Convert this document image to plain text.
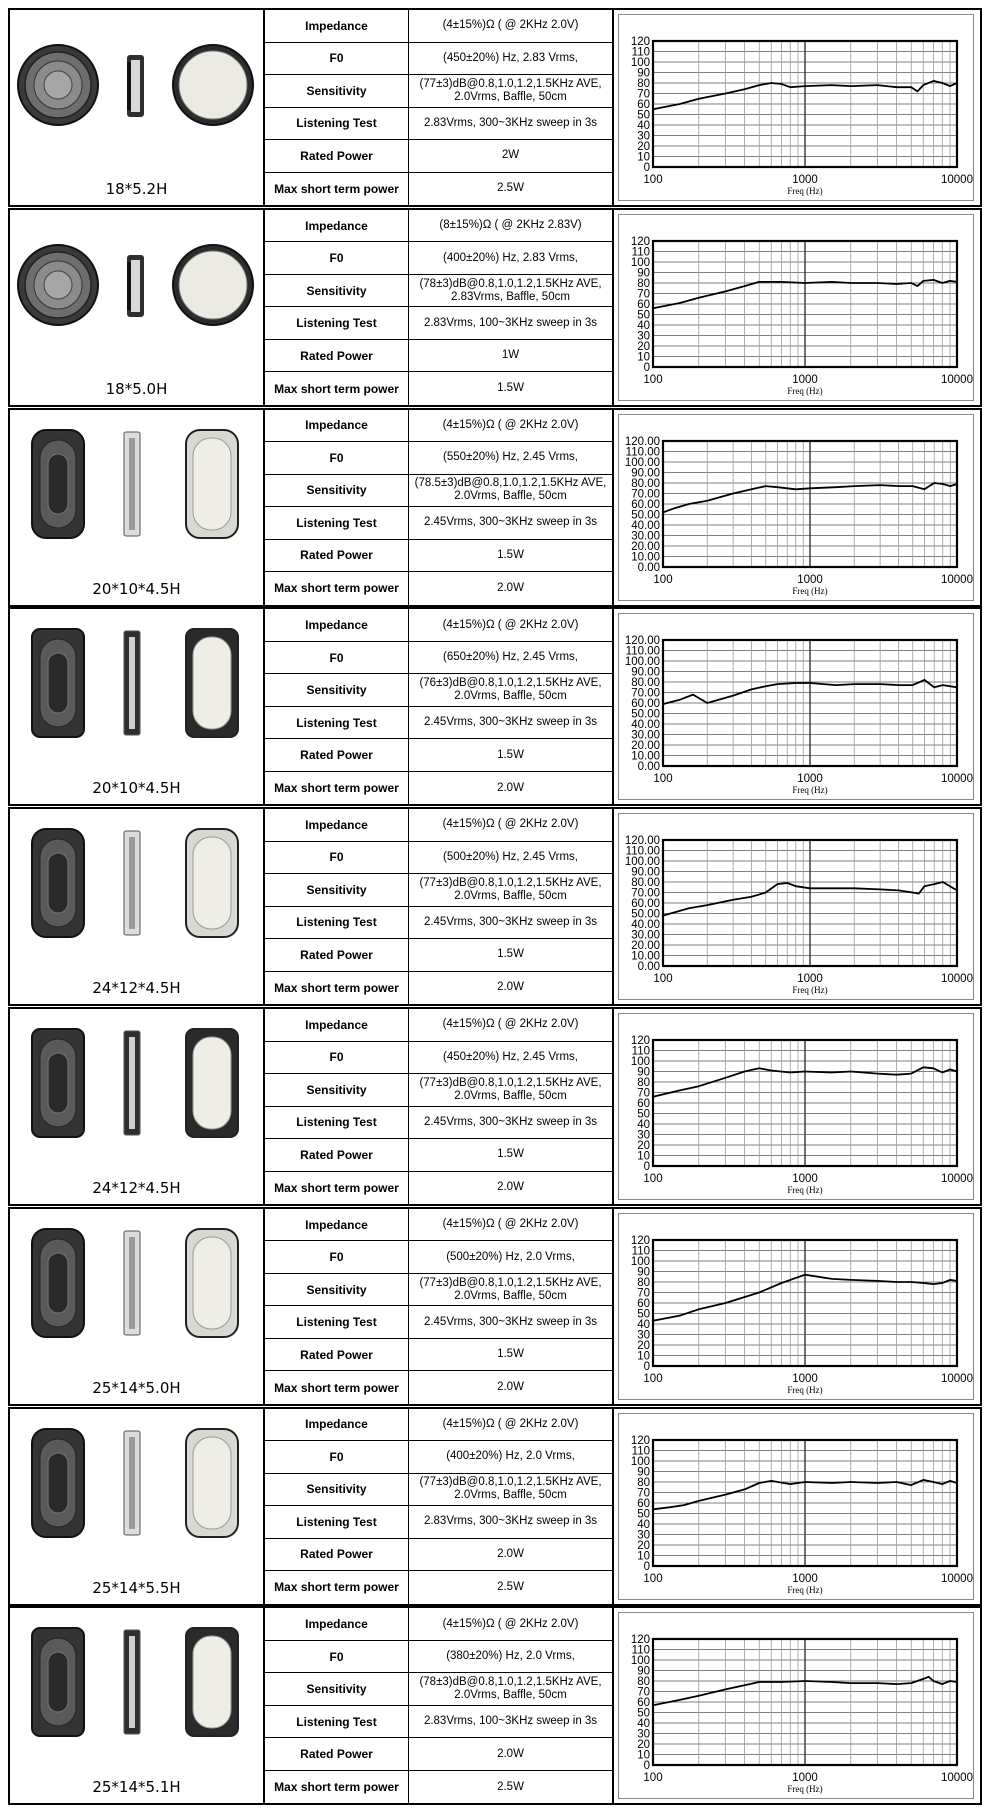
18*5.2H
Impedance	(4±15%)Ω ( @ 2KHz 2.0V)
F0	(450±20%) Hz, 2.83 Vrms,
Sensitivity	(77±3)dB@0.8,1.0,1.2,1.5KHz AVE, 2.0Vrms, Baffle, 50cm
Listening Test	2.83Vrms, 300~3KHz sweep in 3s
Rated Power	2W
Max short term power	2.5W
120
110
100
90
80
70
60
50
40
30
20
10
0
100	1000	10000
Freq (Hz)
18*5.0H
Impedance	(8±15%)Ω ( @ 2KHz 2.83V)
F0	(400±20%) Hz, 2.83 Vrms,
Sensitivity	(78±3)dB@0.8,1.0,1.2,1.5KHz AVE, 2.83Vrms, Baffle, 50cm
Listening Test	2.83Vrms, 100~3KHz sweep in 3s
Rated Power	1W
Max short term power	1.5W
120
110
100
90
80
70
60
50
40
30
20
10
0
100	1000	10000
Freq (Hz)
20*10*4.5H
Impedance	(4±15%)Ω ( @ 2KHz 2.0V)
F0	(550±20%) Hz, 2.45 Vrms,
Sensitivity	(78.5±3)dB@0.8,1.0,1.2,1.5KHz AVE, 2.0Vrms, Baffle, 50cm
Listening Test	2.45Vrms, 300~3KHz sweep in 3s
Rated Power	1.5W
Max short term power	2.0W
120.00
110.00
100.00
90.00
80.00
70.00
60.00
50.00
40.00
30.00
20.00
10.00
0.00
100	1000	10000
Freq (Hz)
20*10*4.5H
Impedance	(4±15%)Ω ( @ 2KHz 2.0V)
F0	(650±20%) Hz, 2.45 Vrms,
Sensitivity	(76±3)dB@0.8,1.0,1.2,1.5KHz AVE, 2.0Vrms, Baffle, 50cm
Listening Test	2.45Vrms, 300~3KHz sweep in 3s
Rated Power	1.5W
Max short term power	2.0W
120.00
110.00
100.00
90.00
80.00
70.00
60.00
50.00
40.00
30.00
20.00
10.00
0.00
100	1000	10000
Freq (Hz)
24*12*4.5H
Impedance	(4±15%)Ω ( @ 2KHz 2.0V)
F0	(500±20%) Hz, 2.45 Vrms,
Sensitivity	(77±3)dB@0.8,1.0,1.2,1.5KHz AVE, 2.0Vrms, Baffle, 50cm
Listening Test	2.45Vrms, 300~3KHz sweep in 3s
Rated Power	1.5W
Max short term power	2.0W
120.00
110.00
100.00
90.00
80.00
70.00
60.00
50.00
40.00
30.00
20.00
10.00
0.00
100	1000	10000
Freq (Hz)
24*12*4.5H
Impedance	(4±15%)Ω ( @ 2KHz 2.0V)
F0	(450±20%) Hz, 2.45 Vrms,
Sensitivity	(77±3)dB@0.8,1.0,1.2,1.5KHz AVE, 2.0Vrms, Baffle, 50cm
Listening Test	2.45Vrms, 300~3KHz sweep in 3s
Rated Power	1.5W
Max short term power	2.0W
120
110
100
90
80
70
60
50
40
30
20
10
0
100	1000	10000
Freq (Hz)
25*14*5.0H
Impedance	(4±15%)Ω ( @ 2KHz 2.0V)
F0	(500±20%) Hz, 2.0 Vrms,
Sensitivity	(77±3)dB@0.8,1.0,1.2,1.5KHz AVE, 2.0Vrms, Baffle, 50cm
Listening Test	2.45Vrms, 300~3KHz sweep in 3s
Rated Power	1.5W
Max short term power	2.0W
120
110
100
90
80
70
60
50
40
30
20
10
0
100	1000	10000
Freq (Hz)
25*14*5.5H
Impedance	(4±15%)Ω ( @ 2KHz 2.0V)
F0	(400±20%) Hz, 2.0 Vrms,
Sensitivity	(77±3)dB@0.8,1.0,1.2,1.5KHz AVE, 2.0Vrms, Baffle, 50cm
Listening Test	2.83Vrms, 300~3KHz sweep in 3s
Rated Power	2.0W
Max short term power	2.5W
120
110
100
90
80
70
60
50
40
30
20
10
0
100	1000	10000
Freq (Hz)
25*14*5.1H
Impedance	(4±15%)Ω ( @ 2KHz 2.0V)
F0	(380±20%) Hz, 2.0 Vrms,
Sensitivity	(78±3)dB@0.8,1.0,1.2,1.5KHz AVE, 2.0Vrms, Baffle, 50cm
Listening Test	2.83Vrms, 100~3KHz sweep in 3s
Rated Power	2.0W
Max short term power	2.5W
120
110
100
90
80
70
60
50
40
30
20
10
0
100	1000	10000
Freq (Hz)
